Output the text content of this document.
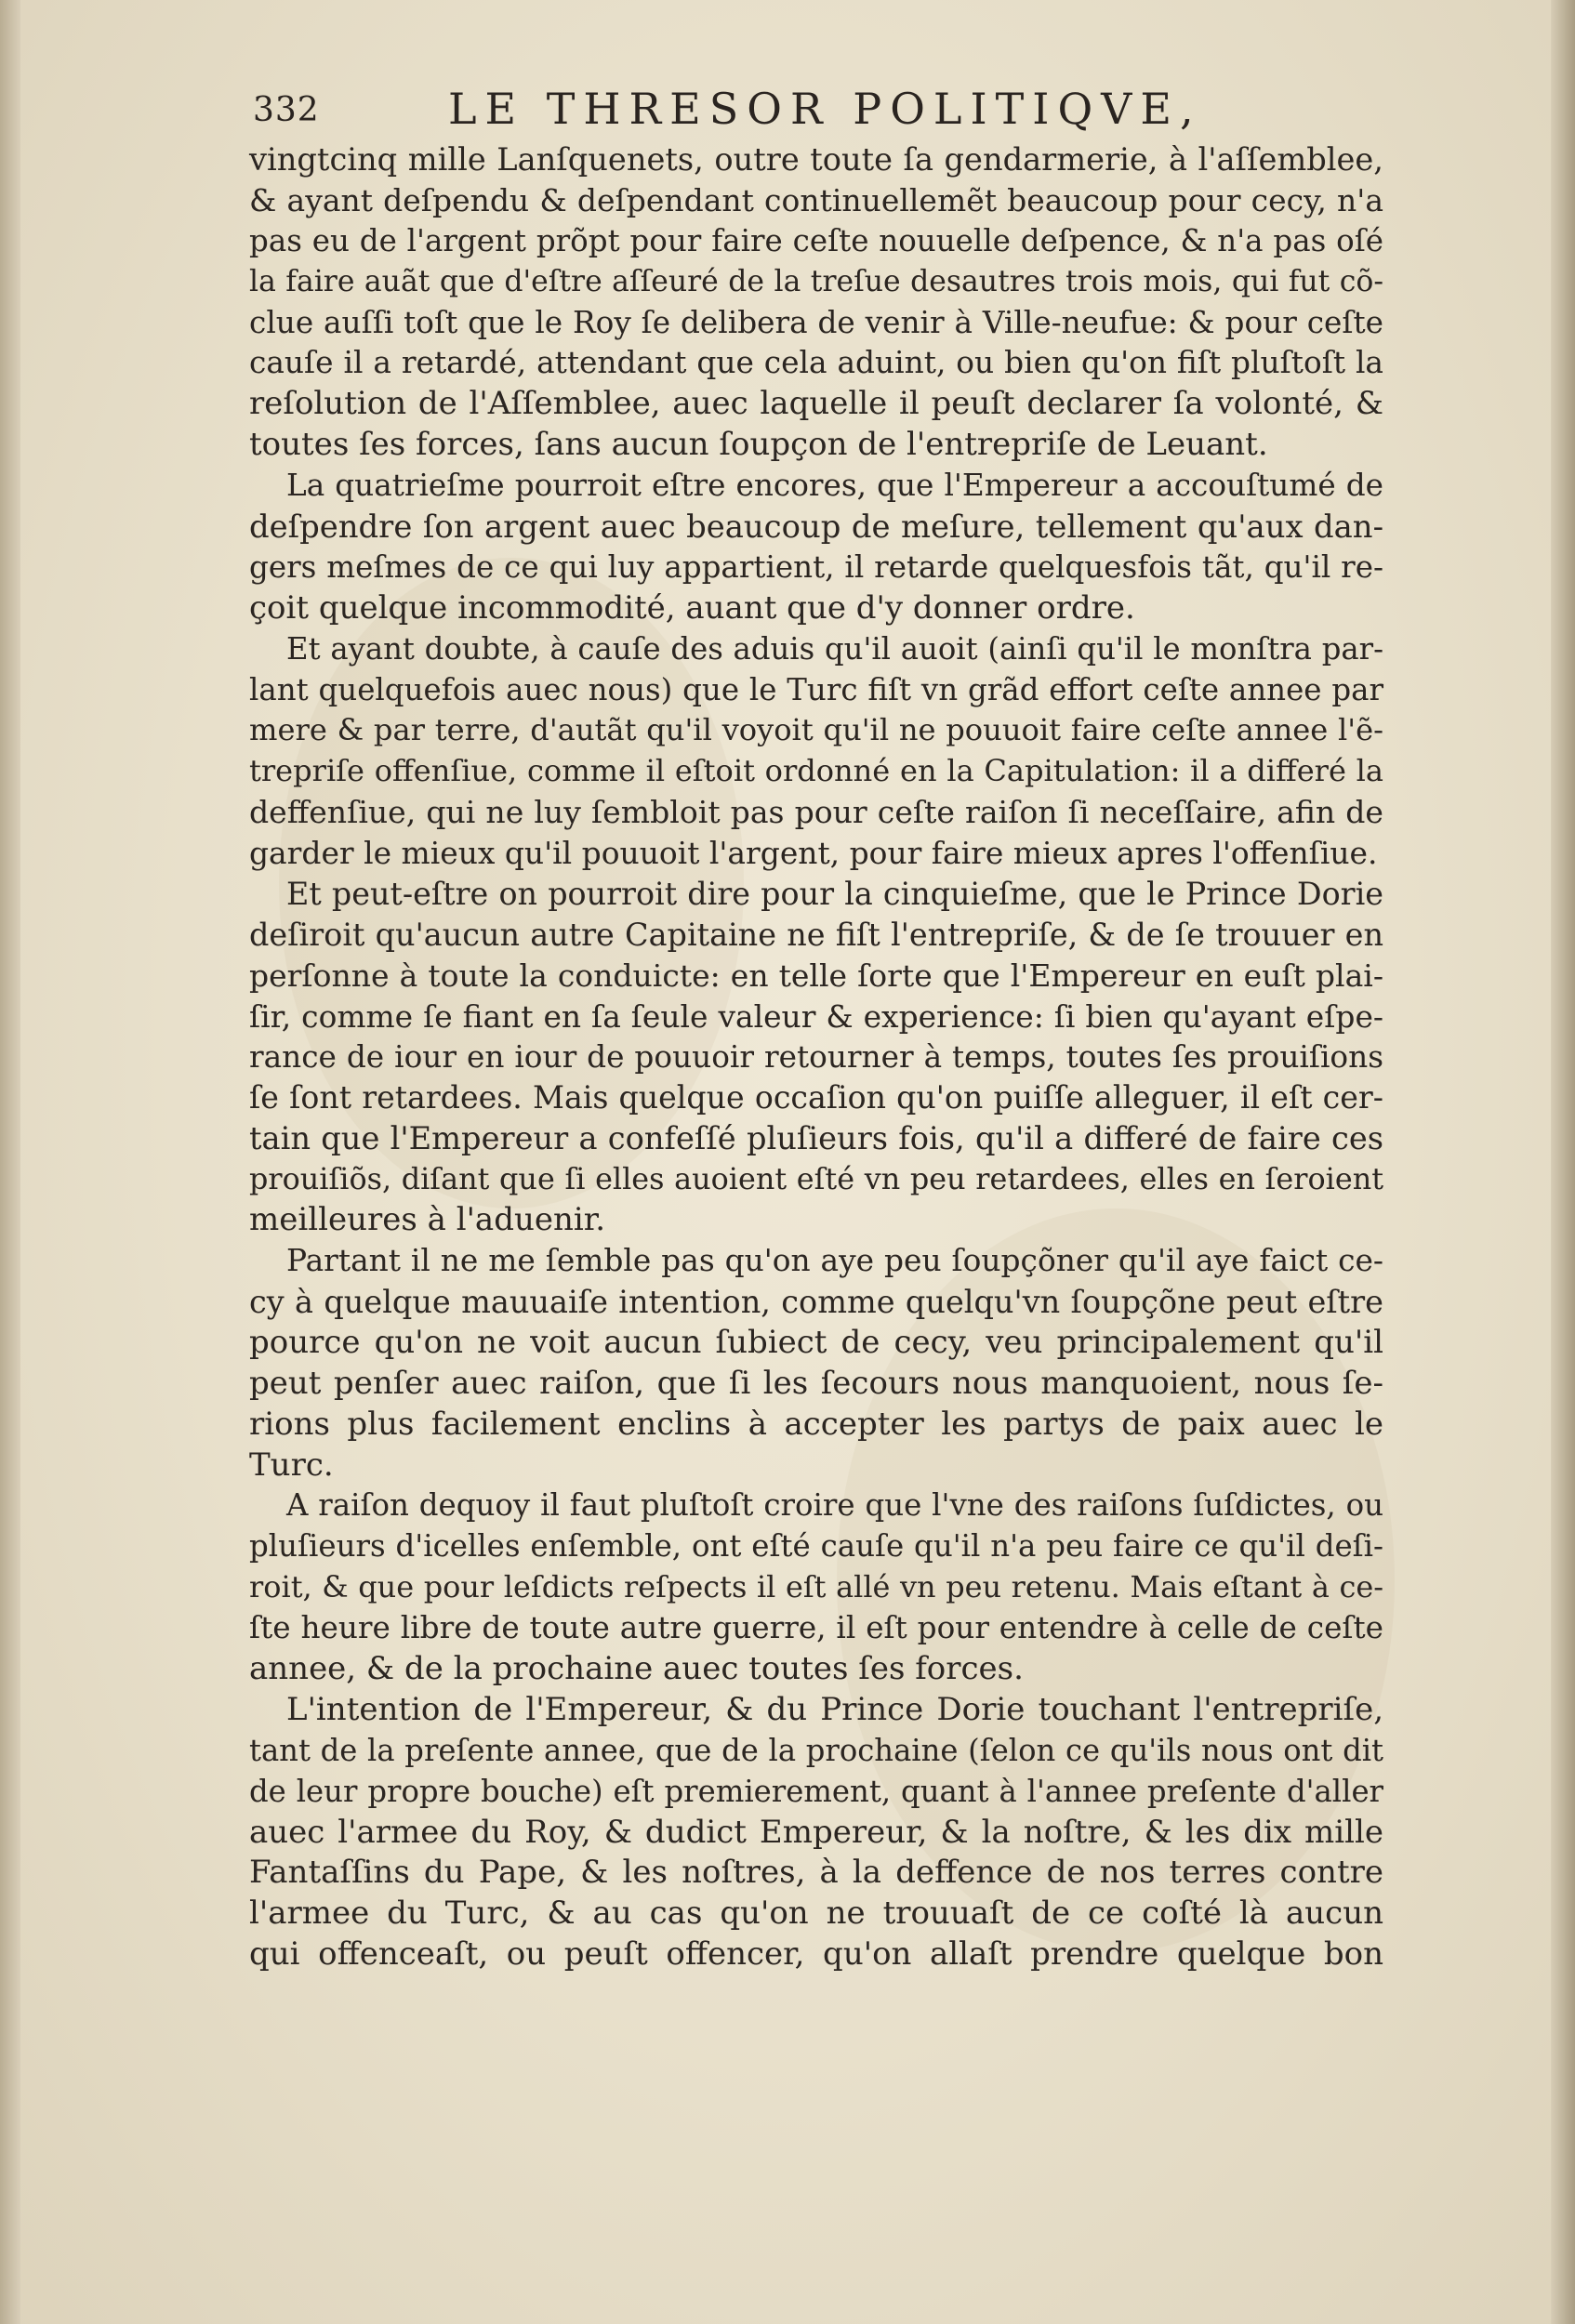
332	LE THRESOR POLITIQVE,
vingtcinq mille Lanſquenets, outre toute ſa gendarmerie, à l'aſſemblee,
& ayant deſpendu & deſpendant continuellemẽt beaucoup pour cecy, n'a
pas eu de l'argent prõpt pour faire ceſte nouuelle deſpence, & n'a pas oſé
la faire auãt que d'eſtre aſſeuré de la treſue desautres trois mois, qui fut cõ-
clue auſſi toſt que le Roy ſe delibera de venir à Ville-neufue: & pour ceſte
cauſe il a retardé, attendant que cela aduint, ou bien qu'on fiſt pluſtoſt la
reſolution de l'Aſſemblee, auec laquelle il peuſt declarer ſa volonté, &
toutes ſes forces, ſans aucun ſoupçon de l'entrepriſe de Leuant.
La quatrieſme pourroit eſtre encores, que l'Empereur a accouſtumé de
deſpendre ſon argent auec beaucoup de meſure, tellement qu'aux dan-
gers meſmes de ce qui luy appartient, il retarde quelquesfois tãt, qu'il re-
çoit quelque incommodité, auant que d'y donner ordre.
Et ayant doubte, à cauſe des aduis qu'il auoit (ainſi qu'il le monſtra par-
lant quelquefois auec nous) que le Turc fiſt vn grãd effort ceſte annee par
mere & par terre, d'autãt qu'il voyoit qu'il ne pouuoit faire ceſte annee l'ẽ-
trepriſe offenſiue, comme il eſtoit ordonné en la Capitulation: il a differé la
deffenſiue, qui ne luy ſembloit pas pour ceſte raiſon ſi neceſſaire, afin de
garder le mieux qu'il pouuoit l'argent, pour faire mieux apres l'offenſiue.
Et peut-eſtre on pourroit dire pour la cinquieſme, que le Prince Dorie
deſiroit qu'aucun autre Capitaine ne fiſt l'entrepriſe, & de ſe trouuer en
perſonne à toute la conduicte: en telle ſorte que l'Empereur en euſt plai-
ſir, comme ſe fiant en ſa ſeule valeur & experience: ſi bien qu'ayant eſpe-
rance de iour en iour de pouuoir retourner à temps, toutes ſes prouiſions
ſe ſont retardees. Mais quelque occaſion qu'on puiſſe alleguer, il eſt cer-
tain que l'Empereur a confeſſé pluſieurs fois, qu'il a differé de faire ces
prouiſiõs, diſant que ſi elles auoient eſté vn peu retardees, elles en ſeroient
meilleures à l'aduenir.
Partant il ne me ſemble pas qu'on aye peu ſoupçõner qu'il aye faict ce-
cy à quelque mauuaiſe intention, comme quelqu'vn ſoupçõne peut eſtre
pource qu'on ne voit aucun ſubiect de cecy, veu principalement qu'il
peut penſer auec raiſon, que ſi les ſecours nous manquoient, nous ſe-
rions plus facilement enclins à accepter les partys de paix auec le
Turc.
A raiſon dequoy il faut pluſtoſt croire que l'vne des raiſons ſuſdictes, ou
pluſieurs d'icelles enſemble, ont eſté cauſe qu'il n'a peu faire ce qu'il deſi-
roit, & que pour leſdicts reſpects il eſt allé vn peu retenu. Mais eſtant à ce-
ſte heure libre de toute autre guerre, il eſt pour entendre à celle de ceſte
annee, & de la prochaine auec toutes ſes forces.
L'intention de l'Empereur, & du Prince Dorie touchant l'entrepriſe,
tant de la preſente annee, que de la prochaine (ſelon ce qu'ils nous ont dit
de leur propre bouche) eſt premierement, quant à l'annee preſente d'aller
auec l'armee du Roy, & dudict Empereur, & la noſtre, & les dix mille
Fantaſſins du Pape, & les noſtres, à la deffence de nos terres contre
l'armee du Turc, & au cas qu'on ne trouuaſt de ce coſté là aucun
qui offenceaſt, ou peuſt offencer, qu'on allaſt prendre quelque bon
